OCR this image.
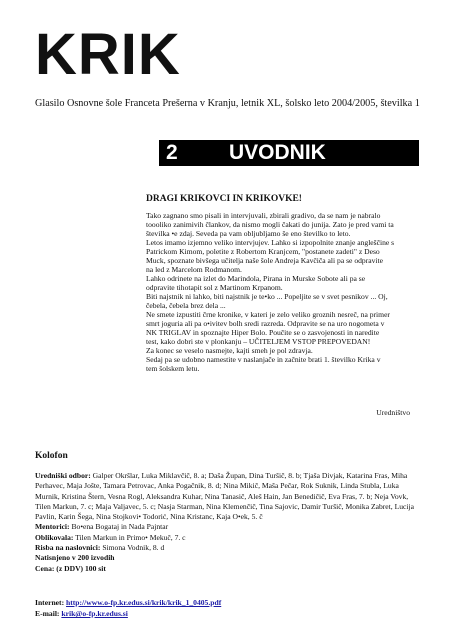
KRIK
Glasilo Osnovne šole Franceta Prešerna v Kranju, letnik XL, šolsko leto 2004/2005, številka 1
2 UVODNIK
DRAGI KRIKOVCI IN KRIKOVKE!

Tako zagnano smo pisali in intervjuvali, zbirali gradivo, da se nam je nabralo

toooliko zanimivih člankov, da nismo mogli čakati do junija. Zato je pred vami ta

številka •e zdaj. Seveda pa vam obljubljamo še eno številko to leto.

Letos imamo izjemno veliko intervjujev. Lahko si izpopolnite znanje angleščine s

Patrickom Kimom, poletite z Robertom Kranjcem, "postanete zadeti" z Deso

Muck, spoznate bivšega učitelja naše šole Andreja Kavčiča ali pa se odpravite

na led z Marcelom Rodmanom.

Lahko odrinete na izlet do Marindola, Pirana in Murske Sobote ali pa se

odpravite tihotapit sol z Martinom Krpanom.

Biti najstnik ni lahko, biti najstnik je te•ko ... Popeljite se v svet pesnikov ... Oj,

čebela, čebela brez dela ...

Ne smete izpustiti črne kronike, v kateri je zelo veliko groznih nesreč, na primer

smrt joguria ali pa o•ivitev bolh sredi razreda. Odpravite se na uro nogometa v

NK TRIGLAV in spoznajte Hiper Bolo. Poučite se o zasvojenosti in naredite

test, kako dobri ste v plonkanju – UČITELJEM VSTOP PREPOVEDAN!

Za konec se veselo nasmejte, kajti smeh je pol zdravja.

Sedaj pa se udobno namestite v naslanjače in začnite brati 1. številko Krika v

tem šolskem letu.

Uredništvo
Kolofon

Uredniški odbor: Galper Okršlar, Luka Miklavčič, 8. a; Daša Župan, Dina Turšič, 8. b; Tjaša Divjak, Katarina Fras, Miha Perhavec, Maja Jošte, Tamara Petrovac, Anka Pogačnik, 8. d; Nina Mikič, Maša Pečar, Rok Suknik, Linda Stubla, Luka Murnik, Kristina Štern, Vesna Rogl, Aleksandra Kuhar, Nina Tanasič, Aleš Hain, Jan Benedičič, Eva Fras, 7. b; Neja Vovk, Tilen Markun, 7. c; Maja Valjavec, 5. c; Nasja Starman, Nina Klemenčič, Tina Sajovic, Damir Turšič, Monika Zabret, Lucija Pavlin, Karin Šega, Nina Stojkovi• Todorić, Nina Kristanc, Kaja O•ek, 5. č

Mentorici: Bo•ena Bogataj in Nada Pajntar

Oblikovala: Tilen Markun in Primo• Mekuč, 7. c

Risba na naslovnici: Simona Vodnik, 8. d

Natisnjeno v 200 izvodih

Cena: (z DDV) 100 sit

Internet: http://www.o-fp.kr.edus.si/krik/krik_1_0405.pdf

E-mail: krik@o-fp.kr.edus.si
